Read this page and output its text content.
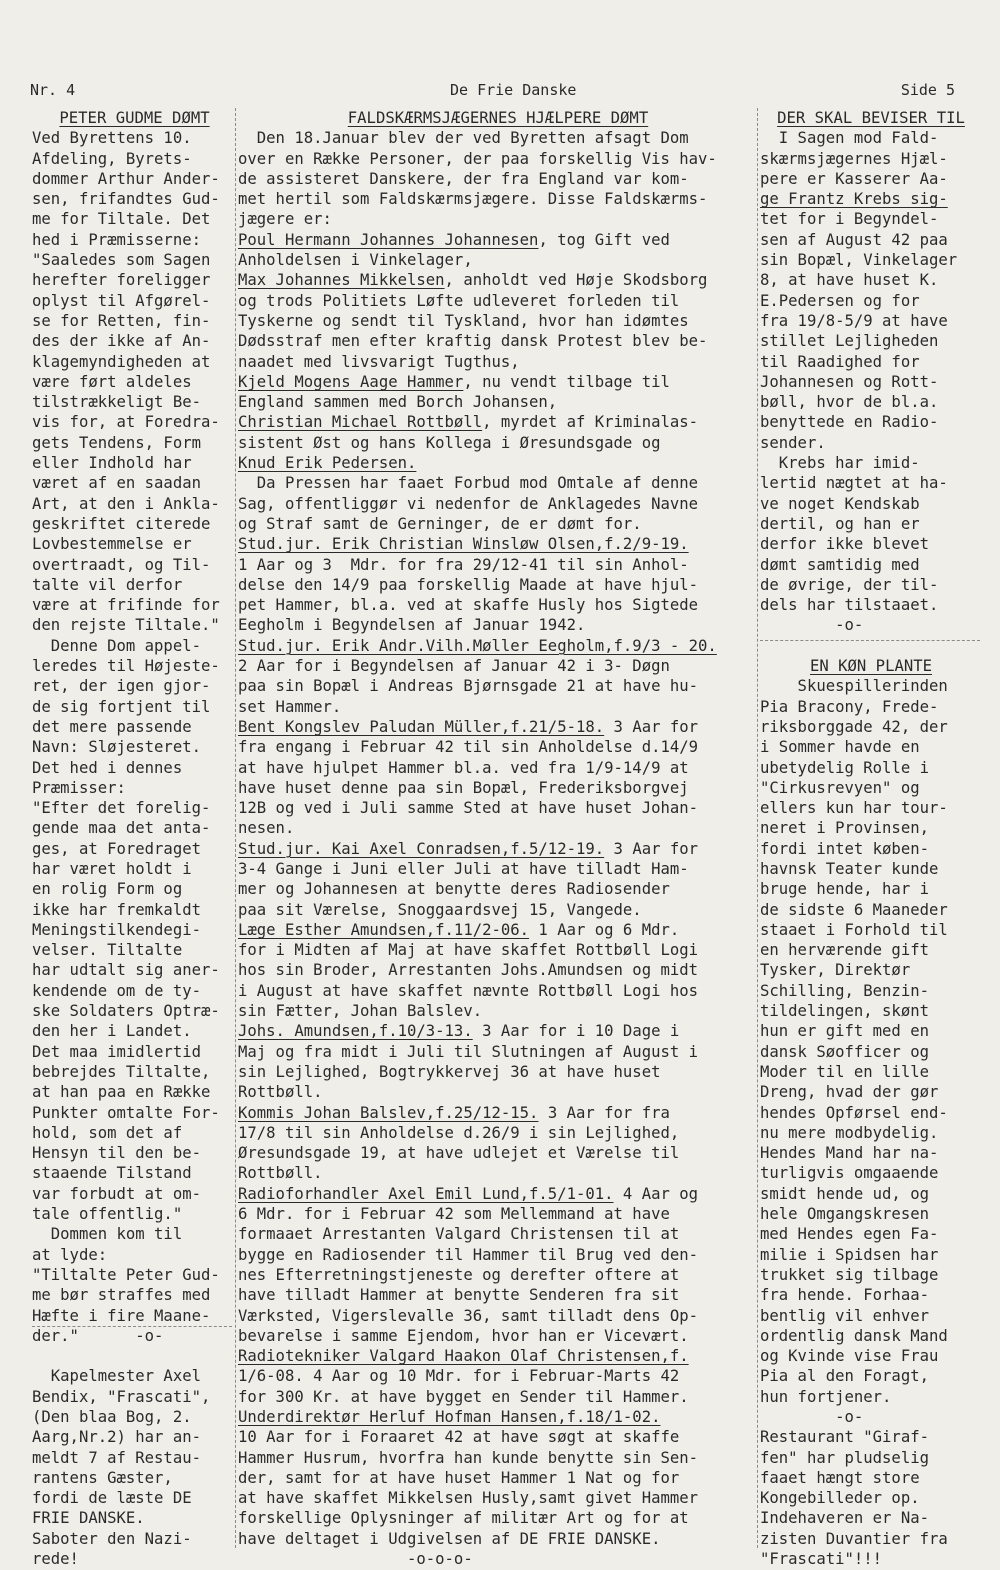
Nr. 4	De Frie Danske	Side 5
PETER GUDME DØMT
Ved Byrettens 10.
Afdeling, Byrets-
dommer Arthur Ander-
sen, frifandtes Gud-
me for Tiltale. Det
hed i Præmisserne:
"Saaledes som Sagen
herefter foreligger
oplyst til Afgørel-
se for Retten, fin-
des der ikke af An-
klagemyndigheden at
være ført aldeles
tilstrækkeligt Be-
vis for, at Foredra-
gets Tendens, Form
eller Indhold har
været af en saadan
Art, at den i Ankla-
geskriftet citerede
Lovbestemmelse er
overtraadt, og Til-
talte vil derfor
være at frifinde for
den rejste Tiltale."
Denne Dom appel-
leredes til Højeste-
ret, der igen gjor-
de sig fortjent til
det mere passende
Navn: Sløjesteret.
Det hed i dennes
Præmisser:
"Efter det forelig-
gende maa det anta-
ges, at Foredraget
har været holdt i
en rolig Form og
ikke har fremkaldt
Meningstilkendegi-
velser. Tiltalte
har udtalt sig aner-
kendende om de ty-
ske Soldaters Optræ-
den her i Landet.
Det maa imidlertid
bebrejdes Tiltalte,
at han paa en Række
Punkter omtalte For-
hold, som det af
Hensyn til den be-
staaende Tilstand
var forbudt at om-
tale offentlig."
Dommen kom til
at lyde:
"Tiltalte Peter Gud-
me bør straffes med
Hæfte i fire Maane-
der."      -o-
Kapelmester Axel
Bendix, "Frascati",
(Den blaa Bog, 2.
Aarg,Nr.2) har an-
meldt 7 af Restau-
rantens Gæster,
fordi de læste DE
FRIE DANSKE.
Saboter den Nazi-
rede!
FALDSKÆRMSJÆGERNES HJÆLPERE DØMT
Den 18.Januar blev der ved Byretten afsagt Dom
over en Række Personer, der paa forskellig Vis hav-
de assisteret Danskere, der fra England var kom-
met hertil som Faldskærmsjægere. Disse Faldskærms-
jægere er:
Poul Hermann Johannes Johannesen, tog Gift ved
Anholdelsen i Vinkelager,
Max Johannes Mikkelsen, anholdt ved Høje Skodsborg
og trods Politiets Løfte udleveret forleden til
Tyskerne og sendt til Tyskland, hvor han idømtes
Dødsstraf men efter kraftig dansk Protest blev be-
naadet med livsvarigt Tugthus,
Kjeld Mogens Aage Hammer, nu vendt tilbage til
England sammen med Borch Johansen,
Christian Michael Rottbøll, myrdet af Kriminalas-
sistent Øst og hans Kollega i Øresundsgade og
Knud Erik Pedersen.
Da Pressen har faaet Forbud mod Omtale af denne
Sag, offentliggør vi nedenfor de Anklagedes Navne
og Straf samt de Gerninger, de er dømt for.
Stud.jur. Erik Christian Winsløw Olsen,f.2/9-19.
1 Aar og 3  Mdr. for fra 29/12-41 til sin Anhol-
delse den 14/9 paa forskellig Maade at have hjul-
pet Hammer, bl.a. ved at skaffe Husly hos Sigtede
Eegholm i Begyndelsen af Januar 1942.
Stud.jur. Erik Andr.Vilh.Møller Eegholm,f.9/3 - 20.
2 Aar for i Begyndelsen af Januar 42 i 3- Døgn
paa sin Bopæl i Andreas Bjørnsgade 21 at have hu-
set Hammer.
Bent Kongslev Paludan Müller,f.21/5-18. 3 Aar for
fra engang i Februar 42 til sin Anholdelse d.14/9
at have hjulpet Hammer bl.a. ved fra 1/9-14/9 at
have huset denne paa sin Bopæl, Frederiksborgvej
12B og ved i Juli samme Sted at have huset Johan-
nesen.
Stud.jur. Kai Axel Conradsen,f.5/12-19. 3 Aar for
3-4 Gange i Juni eller Juli at have tilladt Ham-
mer og Johannesen at benytte deres Radiosender
paa sit Værelse, Snoggaardsvej 15, Vangede.
Læge Esther Amundsen,f.11/2-06. 1 Aar og 6 Mdr.
for i Midten af Maj at have skaffet Rottbøll Logi
hos sin Broder, Arrestanten Johs.Amundsen og midt
i August at have skaffet nævnte Rottbøll Logi hos
sin Fætter, Johan Balslev.
Johs. Amundsen,f.10/3-13. 3 Aar for i 10 Dage i
Maj og fra midt i Juli til Slutningen af August i
sin Lejlighed, Bogtrykkervej 36 at have huset
Rottbøll.
Kommis Johan Balslev,f.25/12-15. 3 Aar for fra
17/8 til sin Anholdelse d.26/9 i sin Lejlighed,
Øresundsgade 19, at have udlejet et Værelse til
Rottbøll.
Radioforhandler Axel Emil Lund,f.5/1-01. 4 Aar og
6 Mdr. for i Februar 42 som Mellemmand at have
formaaet Arrestanten Valgard Christensen til at
bygge en Radiosender til Hammer til Brug ved den-
nes Efterretningstjeneste og derefter oftere at
have tilladt Hammer at benytte Senderen fra sit
Værksted, Vigerslevalle 36, samt tilladt dens Op-
bevarelse i samme Ejendom, hvor han er Vicevært.
Radiotekniker Valgard Haakon Olaf Christensen,f.
1/6-08. 4 Aar og 10 Mdr. for i Februar-Marts 42
for 300 Kr. at have bygget en Sender til Hammer.
Underdirektør Herluf Hofman Hansen,f.18/1-02.
10 Aar for i Foraaret 42 at have søgt at skaffe
Hammer Husrum, hvorfra han kunde benytte sin Sen-
der, samt for at have huset Hammer 1 Nat og for
at have skaffet Mikkelsen Husly,samt givet Hammer
forskellige Oplysninger af militær Art og for at
have deltaget i Udgivelsen af DE FRIE DANSKE.
-o-o-o-
DER SKAL BEVISER TIL
I Sagen mod Fald-
skærmsjægernes Hjæl-
pere er Kasserer Aa-
ge Frantz Krebs sig-
tet for i Begyndel-
sen af August 42 paa
sin Bopæl, Vinkelager
8, at have huset K.
E.Pedersen og for
fra 19/8-5/9 at have
stillet Lejligheden
til Raadighed for
Johannesen og Rott-
bøll, hvor de bl.a.
benyttede en Radio-
sender.
Krebs har imid-
lertid nægtet at ha-
ve noget Kendskab
dertil, og han er
derfor ikke blevet
dømt samtidig med
de øvrige, der til-
dels har tilstaaet.
-o-
EN KØN PLANTE
Skuespillerinden
Pia Bracony, Frede-
riksborggade 42, der
i Sommer havde en
ubetydelig Rolle i
"Cirkusrevyen" og
ellers kun har tour-
neret i Provinsen,
fordi intet køben-
havnsk Teater kunde
bruge hende, har i
de sidste 6 Maaneder
staaet i Forhold til
en herværende gift
Tysker, Direktør
Schilling, Benzin-
tildelingen, skønt
hun er gift med en
dansk Søofficer og
Moder til en lille
Dreng, hvad der gør
hendes Opførsel end-
nu mere modbydelig.
Hendes Mand har na-
turligvis omgaaende
smidt hende ud, og
hele Omgangskresen
med Hendes egen Fa-
milie i Spidsen har
trukket sig tilbage
fra hende. Forhaa-
bentlig vil enhver
ordentlig dansk Mand
og Kvinde vise Frau
Pia al den Foragt,
hun fortjener.
-o-
Restaurant "Giraf-
fen" har pludselig
faaet hængt store
Kongebilleder op.
Indehaveren er Na-
zisten Duvantier fra
"Frascati"!!!
